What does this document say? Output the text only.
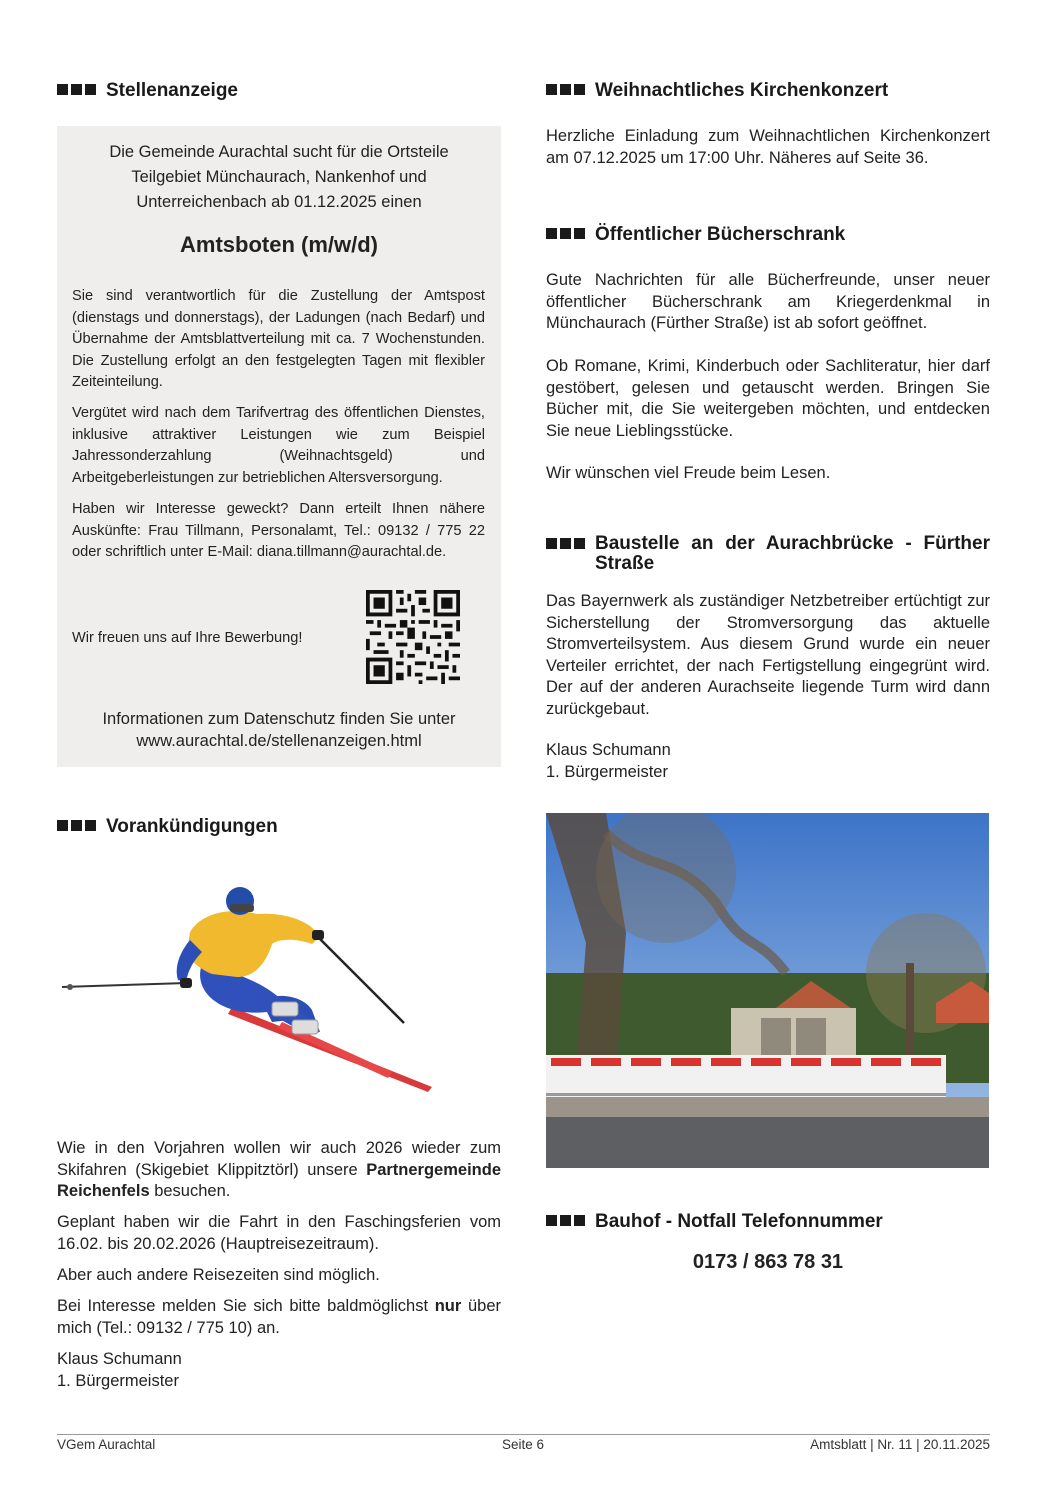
Stellenanzeige
Die Gemeinde Aurachtal sucht für die Ortsteile Teilgebiet Münchaurach, Nankenhof und Unterreichenbach ab 01.12.2025 einen
Amtsboten (m/w/d)
Sie sind verantwortlich für die Zustellung der Amtspost (dienstags und donnerstags), der Ladungen (nach Bedarf) und Übernahme der Amtsblattverteilung mit ca. 7 Wochenstunden. Die Zustellung erfolgt an den festgelegten Tagen mit flexibler Zeiteinteilung.
Vergütet wird nach dem Tarifvertrag des öffentlichen Dienstes, inklusive attraktiver Leistungen wie zum Beispiel Jahressonderzahlung (Weihnachtsgeld) und Arbeitgeberleistungen zur betrieblichen Altersversorgung.
Haben wir Interesse geweckt? Dann erteilt Ihnen nähere Auskünfte: Frau Tillmann, Personalamt, Tel.: 09132 / 775 22 oder schriftlich unter E-Mail: diana.tillmann@aurachtal.de.
Wir freuen uns auf Ihre Bewerbung!
Informationen zum Datenschutz finden Sie unter
www.aurachtal.de/stellenanzeigen.html
Vorankündigungen
Wie in den Vorjahren wollen wir auch 2026 wieder zum Skifahren (Skigebiet Klippitztörl) unsere Partnergemeinde Reichenfels besuchen.
Geplant haben wir die Fahrt in den Faschingsferien vom 16.02. bis 20.02.2026 (Hauptreisezeitraum).
Aber auch andere Reisezeiten sind möglich.
Bei Interesse melden Sie sich bitte baldmöglichst nur über mich (Tel.: 09132 / 775 10) an.
Klaus Schumann
1. Bürgermeister
Weihnachtliches Kirchenkonzert
Herzliche Einladung zum Weihnachtlichen Kirchenkonzert am 07.12.2025 um 17:00 Uhr. Näheres auf Seite 36.
Öffentlicher Bücherschrank
Gute Nachrichten für alle Bücherfreunde, unser neuer öffentlicher Bücherschrank am Kriegerdenkmal in Münchaurach (Fürther Straße) ist ab sofort geöffnet.
Ob Romane, Krimi, Kinderbuch oder Sachliteratur, hier darf gestöbert, gelesen und getauscht werden. Bringen Sie Bücher mit, die Sie weitergeben möchten, und entdecken Sie neue Lieblingsstücke.
Wir wünschen viel Freude beim Lesen.
Baustelle an der Aurachbrücke - Fürther Straße
Das Bayernwerk als zuständiger Netzbetreiber ertüchtigt zur Sicherstellung der Stromversorgung das aktuelle Stromverteilsystem. Aus diesem Grund wurde ein neuer Verteiler errichtet, der nach Fertigstellung eingegrünt wird. Der auf der anderen Aurachseite liegende Turm wird dann zurückgebaut.
Klaus Schumann
1. Bürgermeister
Bauhof - Notfall Telefonnummer
0173 / 863 78 31
VGem Aurachtal	Seite 6	Amtsblatt | Nr. 11 | 20.11.2025
